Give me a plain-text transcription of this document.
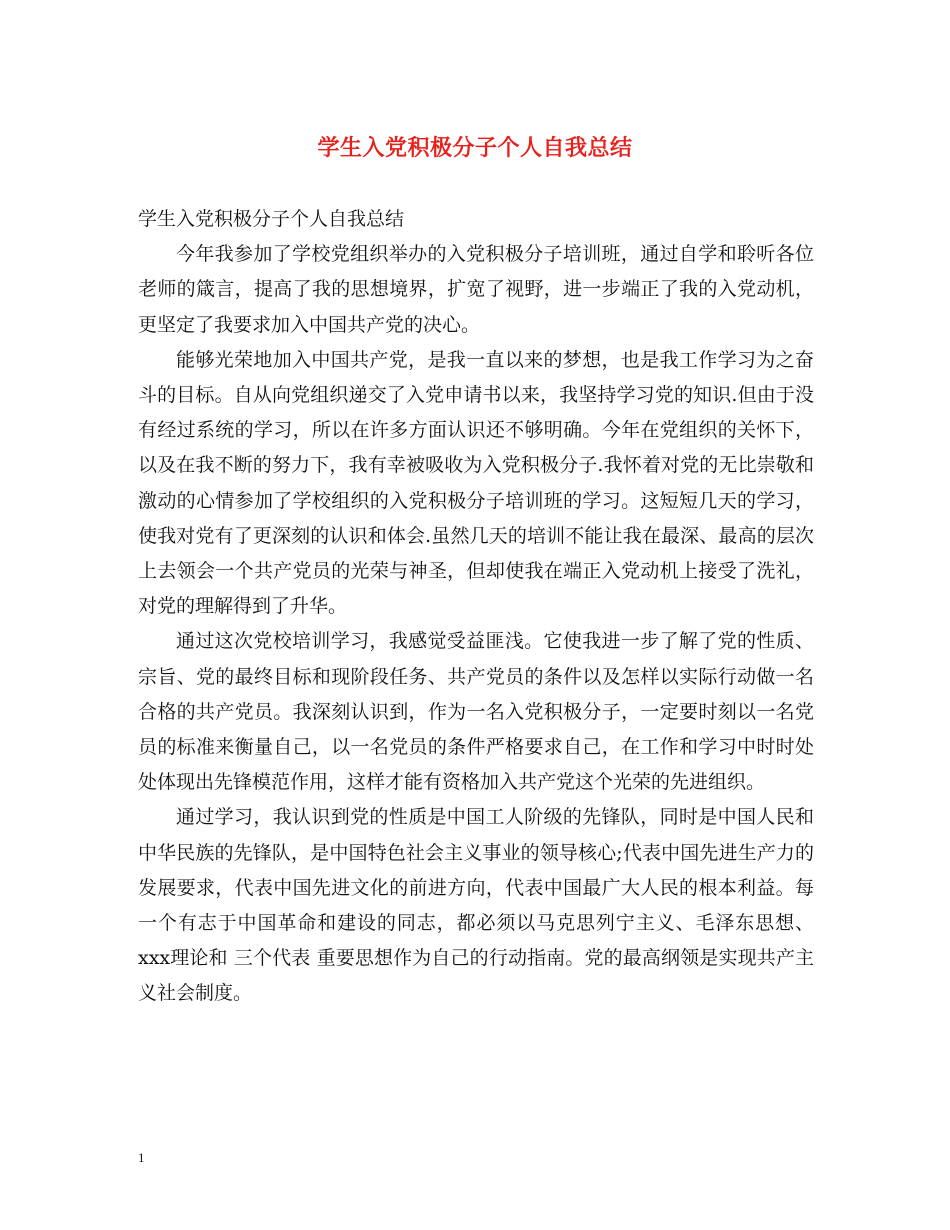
学生入党积极分子个人自我总结

学生入党积极分子个人自我总结

今年我参加了学校党组织举办的入党积极分子培训班，通过自学和聆听各位老师的箴言，提高了我的思想境界，扩宽了视野，进一步端正了我的入党动机，更坚定了我要求加入中国共产党的决心。

能够光荣地加入中国共产党，是我一直以来的梦想，也是我工作学习为之奋斗的目标。自从向党组织递交了入党申请书以来，我坚持学习党的知识.但由于没有经过系统的学习，所以在许多方面认识还不够明确。今年在党组织的关怀下，以及在我不断的努力下，我有幸被吸收为入党积极分子.我怀着对党的无比崇敬和激动的心情参加了学校组织的入党积极分子培训班的学习。这短短几天的学习，使我对党有了更深刻的认识和体会.虽然几天的培训不能让我在最深、最高的层次上去领会一个共产党员的光荣与神圣，但却使我在端正入党动机上接受了洗礼，对党的理解得到了升华。

通过这次党校培训学习，我感觉受益匪浅。它使我进一步了解了党的性质、宗旨、党的最终目标和现阶段任务、共产党员的条件以及怎样以实际行动做一名合格的共产党员。我深刻认识到，作为一名入党积极分子，一定要时刻以一名党员的标准来衡量自己，以一名党员的条件严格要求自己，在工作和学习中时时处处体现出先锋模范作用，这样才能有资格加入共产党这个光荣的先进组织。

通过学习，我认识到党的性质是中国工人阶级的先锋队，同时是中国人民和中华民族的先锋队，是中国特色社会主义事业的领导核心;代表中国先进生产力的发展要求，代表中国先进文化的前进方向，代表中国最广大人民的根本利益。每一个有志于中国革命和建设的同志，都必须以马克思列宁主义、毛泽东思想、xxx理论和 三个代表 重要思想作为自己的行动指南。党的最高纲领是实现共产主义社会制度。

1
